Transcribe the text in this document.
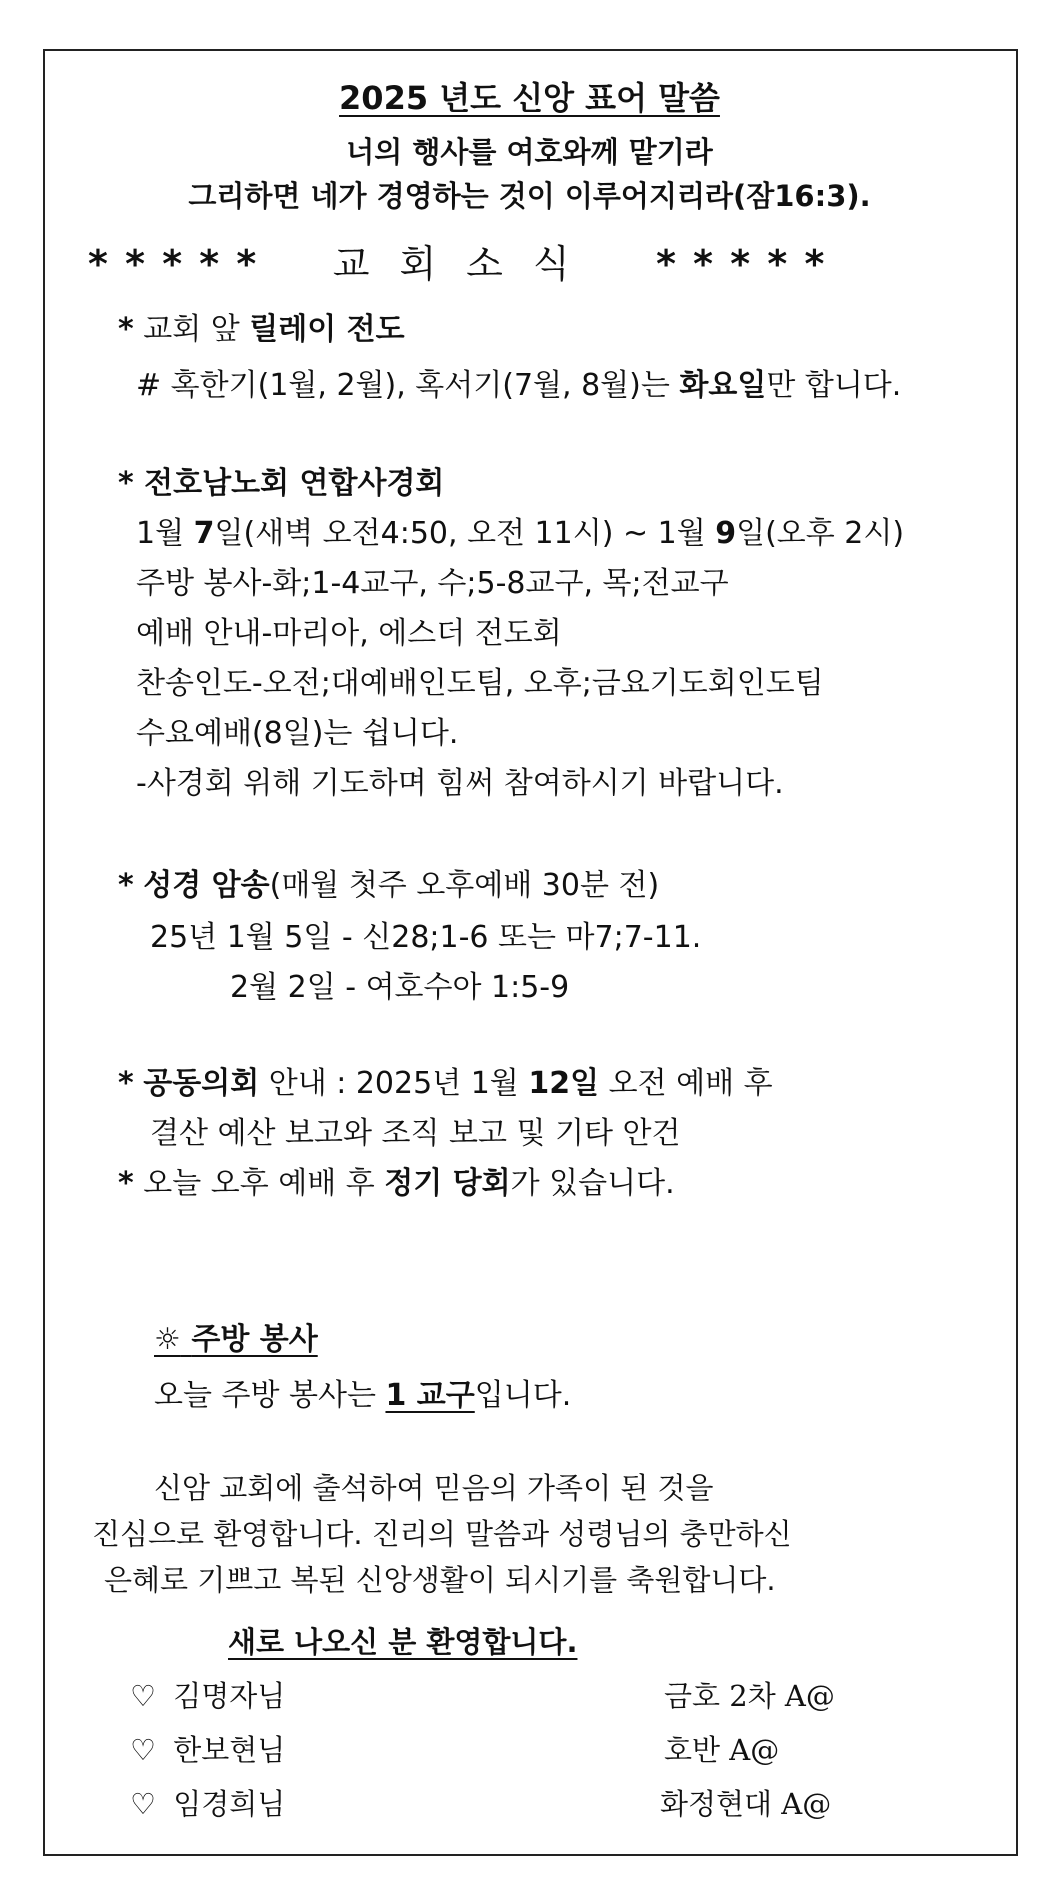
2025 년도 신앙 표어 말씀
너의 행사를 여호와께 맡기라
그리하면 네가 경영하는 것이 이루어지리라(잠16:3).
* * * * * 교회소식 * * * * *
* 교회 앞 릴레이 전도
# 혹한기(1월, 2월), 혹서기(7월, 8월)는 화요일만 합니다.
* 전호남노회 연합사경회
1월 7일(새벽 오전4:50, 오전 11시) ~ 1월 9일(오후 2시)
주방 봉사-화;1-4교구, 수;5-8교구, 목;전교구
예배 안내-마리아, 에스더 전도회
찬송인도-오전;대예배인도팀, 오후;금요기도회인도팀
수요예배(8일)는 쉽니다.
-사경회 위해 기도하며 힘써 참여하시기 바랍니다.
* 성경 암송(매월 첫주 오후예배 30분 전)
25년 1월 5일 - 신28;1-6 또는 마7;7-11.
2월 2일 - 여호수아 1:5-9
* 공동의회 안내 : 2025년 1월 12일 오전 예배 후
결산 예산 보고와 조직 보고 및 기타 안건
* 오늘 오후 예배 후 정기 당회가 있습니다.
☼ 주방 봉사
오늘 주방 봉사는 1 교구입니다.
신암 교회에 출석하여 믿음의 가족이 된 것을
진심으로 환영합니다. 진리의 말씀과 성령님의 충만하신
은혜로 기쁘고 복된 신앙생활이 되시기를 축원합니다.
새로 나오신 분 환영합니다.
♡ 김명자님	금호 2차 A@
♡ 한보현님	호반 A@
♡ 임경희님	화정현대 A@
